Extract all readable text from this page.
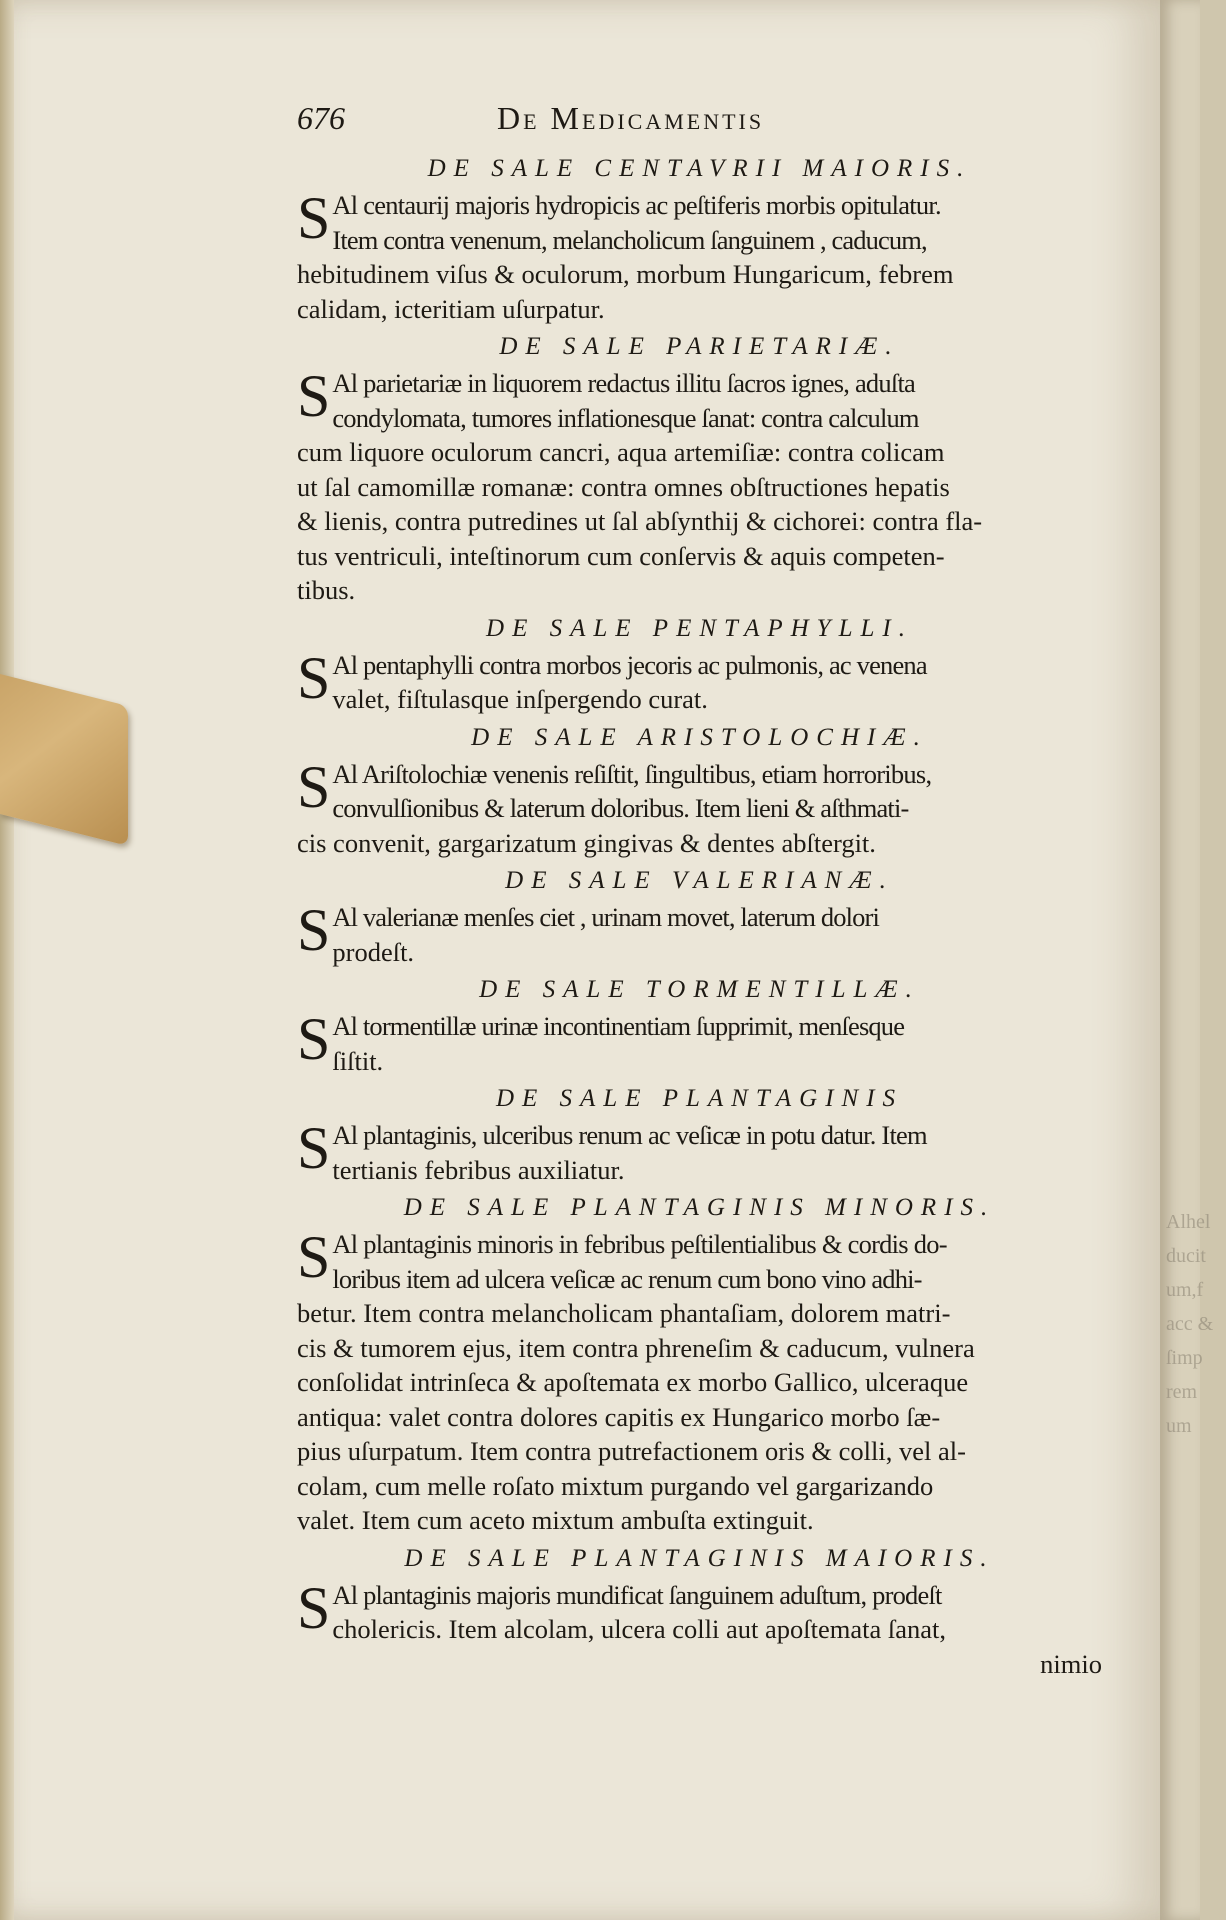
676	De Medicamentis
DE SALE CENTAVRII MAIORIS.
S Al centaurij majoris hydropicis ac peſtiferis morbis opitulatur.
Item contra venenum, melancholicum ſanguinem , caducum,
hebitudinem viſus & oculorum, morbum Hungaricum, febrem
calidam, icteritiam uſurpatur.
DE SALE PARIETARIÆ.
S Al parietariæ in liquorem redactus illitu ſacros ignes, aduſta
condylomata, tumores inflationesque ſanat: contra calculum
cum liquore oculorum cancri, aqua artemiſiæ: contra colicam
ut ſal camomillæ romanæ: contra omnes obſtructiones hepatis
& lienis, contra putredines ut ſal abſynthij & cichorei: contra fla-
tus ventriculi, inteſtinorum cum conſervis & aquis competen-
tibus.
DE SALE PENTAPHYLLI.
S Al pentaphylli contra morbos jecoris ac pulmonis, ac venena
valet, fiſtulasque inſpergendo curat.
DE SALE ARISTOLOCHIÆ.
S Al Ariſtolochiæ venenis reſiſtit, ſingultibus, etiam horroribus,
convulſionibus & laterum doloribus. Item lieni & aſthmati-
cis convenit, gargarizatum gingivas & dentes abſtergit.
DE SALE VALERIANÆ.
S Al valerianæ menſes ciet , urinam movet, laterum dolori
prodeſt.
DE SALE TORMENTILLÆ.
S Al tormentillæ urinæ incontinentiam ſupprimit, menſesque
ſiſtit.
DE SALE PLANTAGINIS
S Al plantaginis, ulceribus renum ac veſicæ in potu datur. Item
tertianis febribus auxiliatur.
DE SALE PLANTAGINIS MINORIS.
S Al plantaginis minoris in febribus peſtilentialibus & cordis do-
loribus item ad ulcera veſicæ ac renum cum bono vino adhi-
betur. Item contra melancholicam phantaſiam, dolorem matri-
cis & tumorem ejus, item contra phreneſim & caducum, vulnera
conſolidat intrinſeca & apoſtemata ex morbo Gallico, ulceraque
antiqua: valet contra dolores capitis ex Hungarico morbo ſæ-
pius uſurpatum. Item contra putrefactionem oris & colli, vel al-
colam, cum melle roſato mixtum purgando vel gargarizando
valet. Item cum aceto mixtum ambuſta extinguit.
DE SALE PLANTAGINIS MAIORIS.
S Al plantaginis majoris mundificat ſanguinem aduſtum, prodeſt
cholericis. Item alcolam, ulcera colli aut apoſtemata ſanat,
nimio
Alhel
ducit
um,f
acc &
ſimp
rem
um
